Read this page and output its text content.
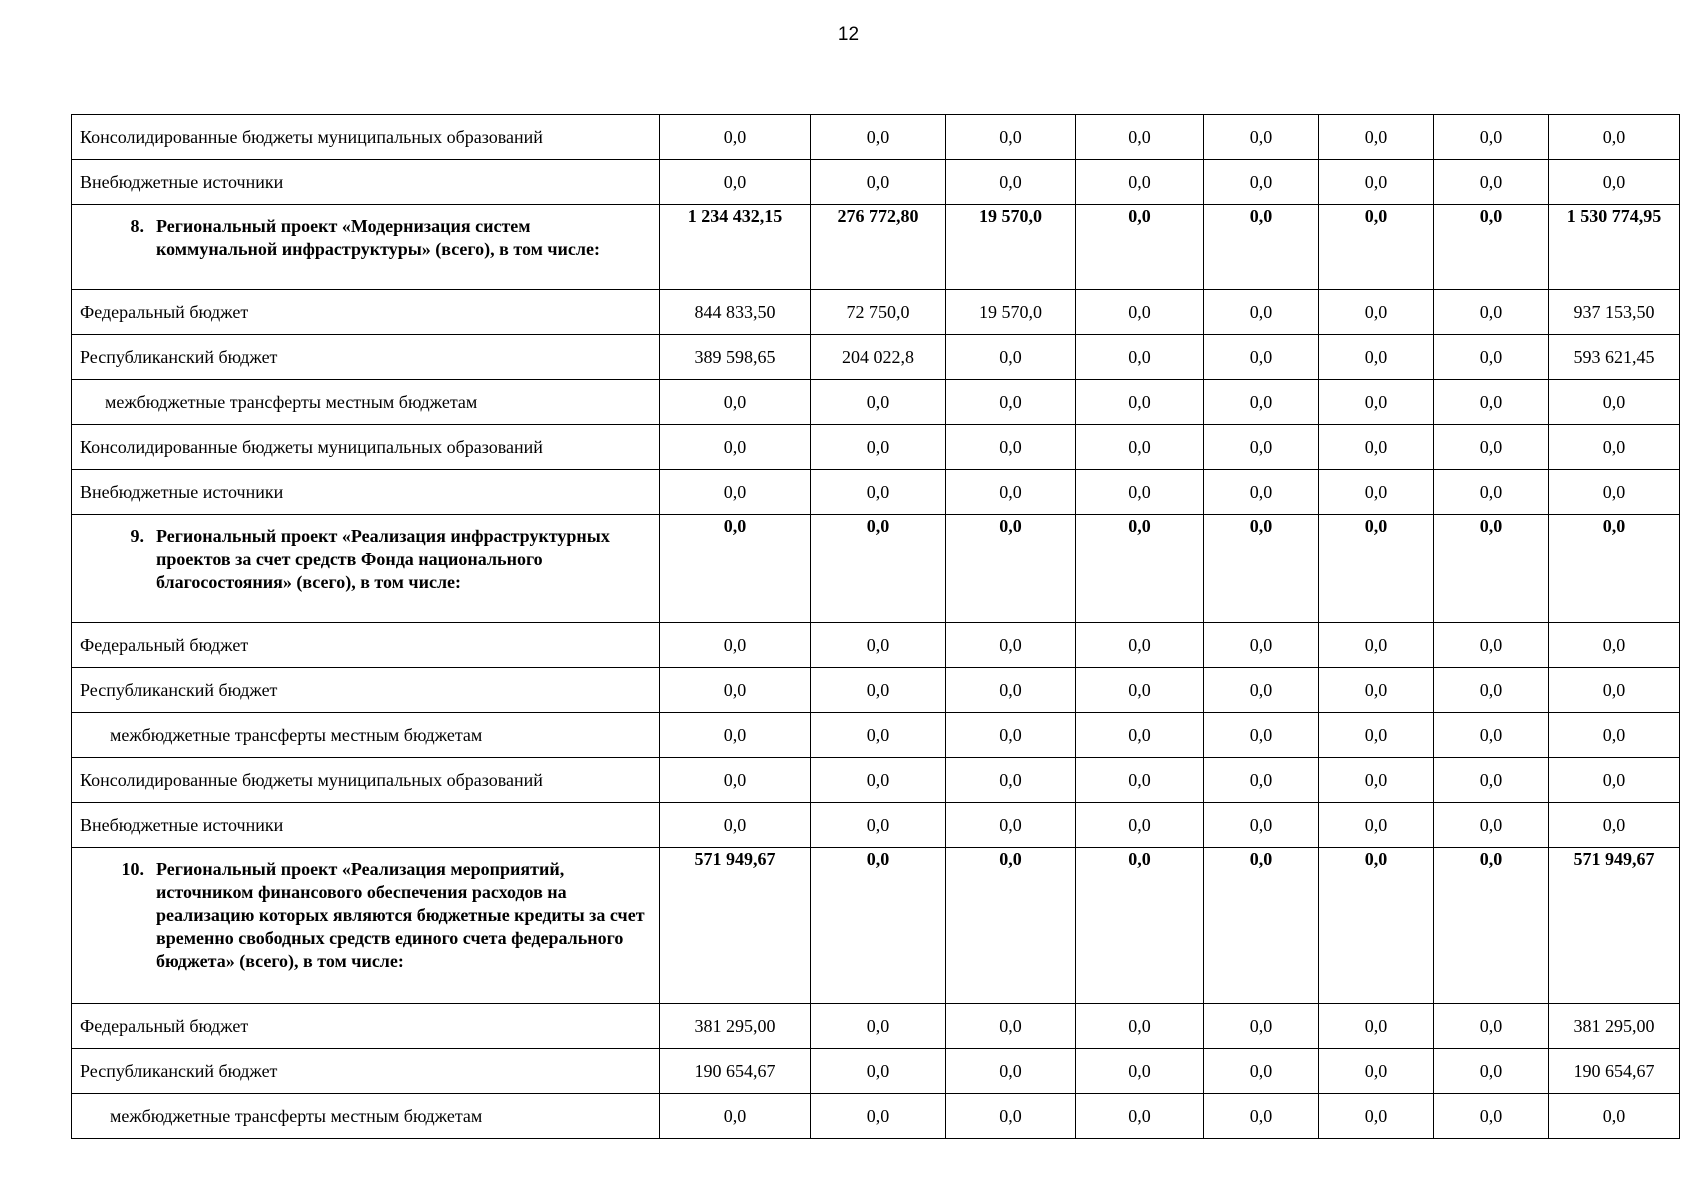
12
Консолидированные бюджеты муниципальных образований	0,0	0,0	0,0	0,0	0,0	0,0	0,0	0,0
Внебюджетные источники	0,0	0,0	0,0	0,0	0,0	0,0	0,0	0,0

8. Региональный проект «Модернизация систем коммунальной инфраструктуры» (всего), в том числе:	1 234 432,15	276 772,80	19 570,0	0,0	0,0	0,0	0,0	1 530 774,95
Федеральный бюджет	844 833,50	72 750,0	19 570,0	0,0	0,0	0,0	0,0	937 153,50
Республиканский бюджет	389 598,65	204 022,8	0,0	0,0	0,0	0,0	0,0	593 621,45
межбюджетные трансферты местным бюджетам	0,0	0,0	0,0	0,0	0,0	0,0	0,0	0,0
Консолидированные бюджеты муниципальных образований	0,0	0,0	0,0	0,0	0,0	0,0	0,0	0,0
Внебюджетные источники	0,0	0,0	0,0	0,0	0,0	0,0	0,0	0,0

9. Региональный проект «Реализация инфраструктурных проектов за счет средств Фонда национального благосостояния» (всего), в том числе:	0,0	0,0	0,0	0,0	0,0	0,0	0,0	0,0
Федеральный бюджет	0,0	0,0	0,0	0,0	0,0	0,0	0,0	0,0
Республиканский бюджет	0,0	0,0	0,0	0,0	0,0	0,0	0,0	0,0
межбюджетные трансферты местным бюджетам	0,0	0,0	0,0	0,0	0,0	0,0	0,0	0,0
Консолидированные бюджеты муниципальных образований	0,0	0,0	0,0	0,0	0,0	0,0	0,0	0,0
Внебюджетные источники	0,0	0,0	0,0	0,0	0,0	0,0	0,0	0,0

10. Региональный проект «Реализация мероприятий, источником финансового обеспечения расходов на реализацию которых являются бюджетные кредиты за счет временно свободных средств единого счета федерального бюджета» (всего), в том числе:	571 949,67	0,0	0,0	0,0	0,0	0,0	0,0	571 949,67
Федеральный бюджет	381 295,00	0,0	0,0	0,0	0,0	0,0	0,0	381 295,00
Республиканский бюджет	190 654,67	0,0	0,0	0,0	0,0	0,0	0,0	190 654,67
межбюджетные трансферты местным бюджетам	0,0	0,0	0,0	0,0	0,0	0,0	0,0	0,0
